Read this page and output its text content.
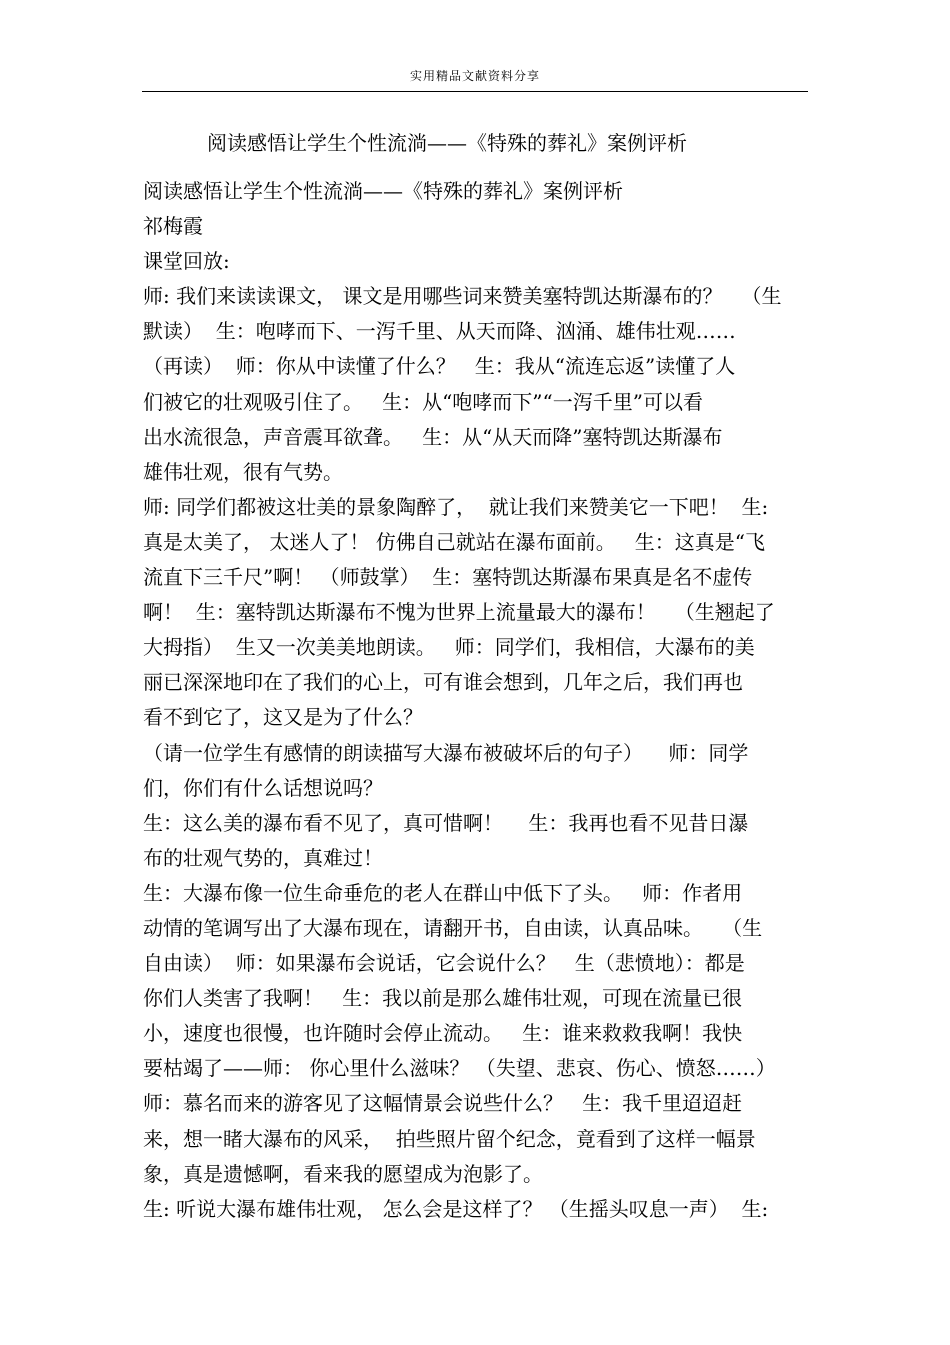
实用精品文献资料分享
阅读感悟让学生个性流淌——《特殊的葬礼》案例评析
阅读感悟让学生个性流淌——《特殊的葬礼》案例评析
祁梅霞
课堂回放:
师: 我们来读读课文， 课文是用哪些词来赞美塞特凯达斯瀑布的？   （生
默读）  生：咆哮而下、一泻千里、从天而降、汹涌、雄伟壮观……
（再读）  师：你从中读懂了什么？   生：我从“流连忘返”读懂了人
们被它的壮观吸引住了。   生：从“咆哮而下”“一泻千里”可以看
出水流很急，声音震耳欲聋。   生：从“从天而降”塞特凯达斯瀑布
雄伟壮观，很有气势。
师: 同学们都被这壮美的景象陶醉了，  就让我们来赞美它一下吧！  生:
真是太美了， 太迷人了！ 仿佛自己就站在瀑布面前。   生：这真是“飞
流直下三千尺”啊！ （师鼓掌）  生：塞特凯达斯瀑布果真是名不虚传
啊！  生：塞特凯达斯瀑布不愧为世界上流量最大的瀑布！   （生翘起了
大拇指）  生又一次美美地朗读。   师：同学们，我相信，大瀑布的美
丽已深深地印在了我们的心上，可有谁会想到，几年之后，我们再也
看不到它了，这又是为了什么？
（请一位学生有感情的朗读描写大瀑布被破坏后的句子）    师：同学
们，你们有什么话想说吗？
生：这么美的瀑布看不见了，真可惜啊！    生：我再也看不见昔日瀑
布的壮观气势的，真难过！
生：大瀑布像一位生命垂危的老人在群山中低下了头。   师：作者用
动情的笔调写出了大瀑布现在，请翻开书，自由读，认真品味。   （生
自由读）  师：如果瀑布会说话，它会说什么？   生（悲愤地）：都是
你们人类害了我啊！   生：我以前是那么雄伟壮观，可现在流量已很
小，速度也很慢，也许随时会停止流动。   生：谁来救救我啊！我快
要枯竭了——师： 你心里什么滋味？ （失望、悲哀、伤心、愤怒……）
师：慕名而来的游客见了这幅情景会说些什么？   生：我千里迢迢赶
来，想一睹大瀑布的风采，  拍些照片留个纪念，竟看到了这样一幅景
象，真是遗憾啊，看来我的愿望成为泡影了。
生: 听说大瀑布雄伟壮观， 怎么会是这样了？ （生摇头叹息一声）  生:
